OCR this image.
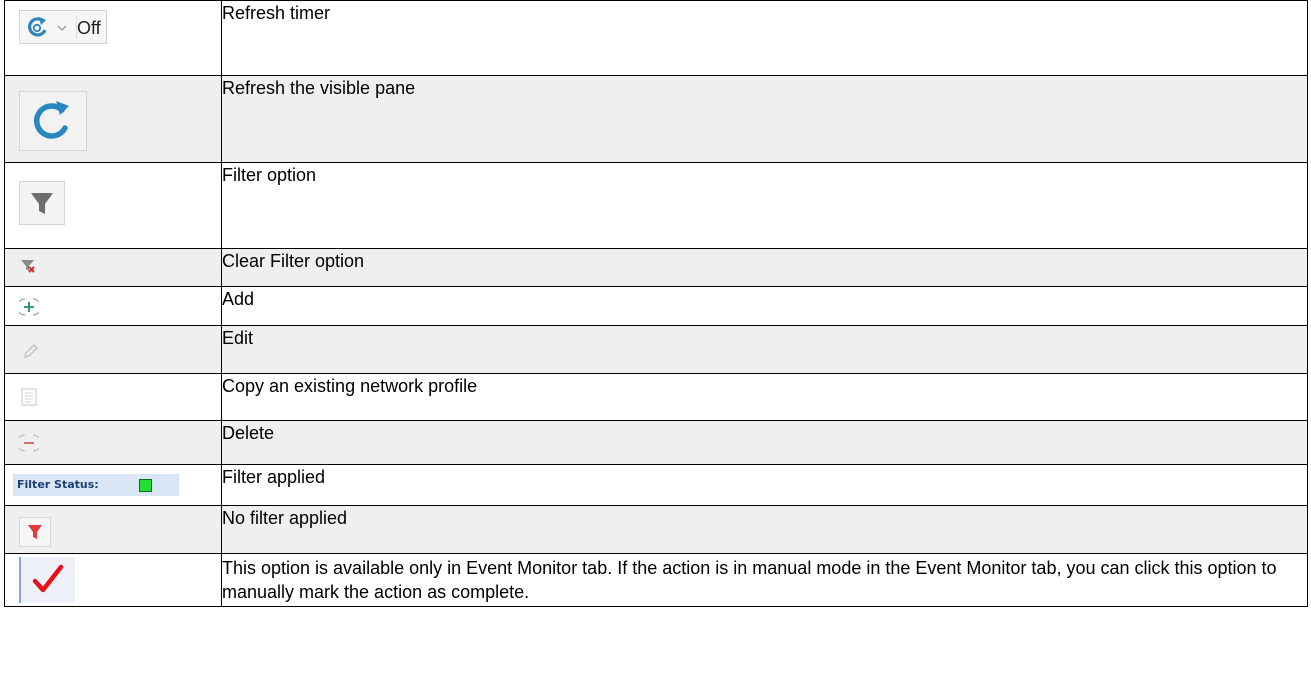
Off	Refresh timer

	Refresh the visible pane

	Filter option

	Clear Filter option

	Add

	Edit

	Copy an existing network profile

	Delete

Filter Status:	Filter applied

	No filter applied

	This option is available only in Event Monitor tab. If the action is in manual mode in the Event Monitor tab, you can click this option to manually mark the action as complete.
